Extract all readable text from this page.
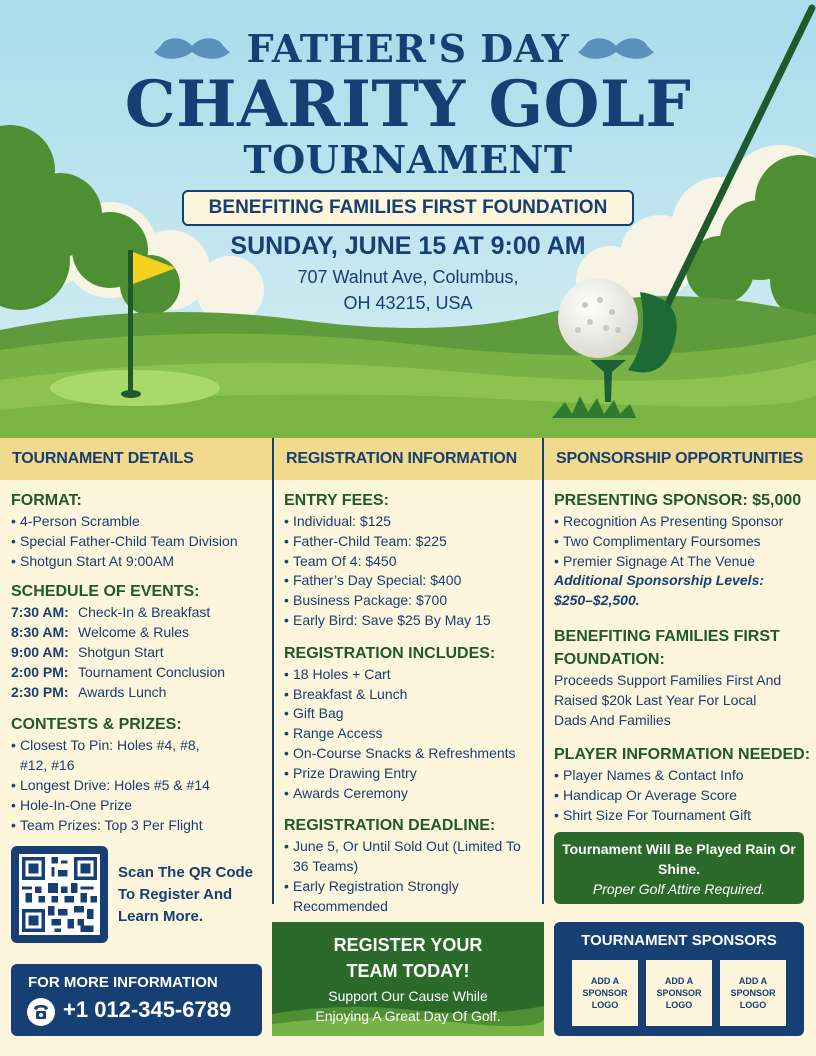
FATHER'S DAY
CHARITY GOLF
TOURNAMENT
BENEFITING FAMILIES FIRST FOUNDATION
SUNDAY, JUNE 15 AT 9:00 AM
707 Walnut Ave, Columbus,
OH 43215, USA
TOURNAMENT DETAILS	REGISTRATION INFORMATION	SPONSORSHIP OPPORTUNITIES
FORMAT:
• 4-Person Scramble
• Special Father-Child Team Division
• Shotgun Start At 9:00AM
SCHEDULE OF EVENTS:
7:30 AM: Check-In & Breakfast
8:30 AM: Welcome & Rules
9:00 AM: Shotgun Start
2:00 PM: Tournament Conclusion
2:30 PM: Awards Lunch
CONTESTS & PRIZES:
• Closest To Pin: Holes #4, #8, #12, #16
• Longest Drive: Holes #5 & #14
• Hole-In-One Prize
• Team Prizes: Top 3 Per Flight
ENTRY FEES:
• Individual: $125
• Father-Child Team: $225
• Team Of 4: $450
• Father’s Day Special: $400
• Business Package: $700
• Early Bird: Save $25 By May 15
REGISTRATION INCLUDES:
• 18 Holes + Cart
• Breakfast & Lunch
• Gift Bag
• Range Access
• On-Course Snacks & Refreshments
• Prize Drawing Entry
• Awards Ceremony
REGISTRATION DEADLINE:
• June 5, Or Until Sold Out (Limited To 36 Teams)
• Early Registration Strongly Recommended
PRESENTING SPONSOR: $5,000
• Recognition As Presenting Sponsor
• Two Complimentary Foursomes
• Premier Signage At The Venue
Additional Sponsorship Levels: $250–$2,500.
BENEFITING FAMILIES FIRST FOUNDATION:
Proceeds Support Families First And Raised $20k Last Year For Local Dads And Families
PLAYER INFORMATION NEEDED:
• Player Names & Contact Info
• Handicap Or Average Score
• Shirt Size For Tournament Gift
Scan The QR Code To Register And Learn More.
FOR MORE INFORMATION
+1 012-345-6789
REGISTER YOUR TEAM TODAY!
Support Our Cause While Enjoying A Great Day Of Golf.
Tournament Will Be Played Rain Or Shine.
Proper Golf Attire Required.
TOURNAMENT SPONSORS
ADD A SPONSOR LOGO
ADD A SPONSOR LOGO
ADD A SPONSOR LOGO
